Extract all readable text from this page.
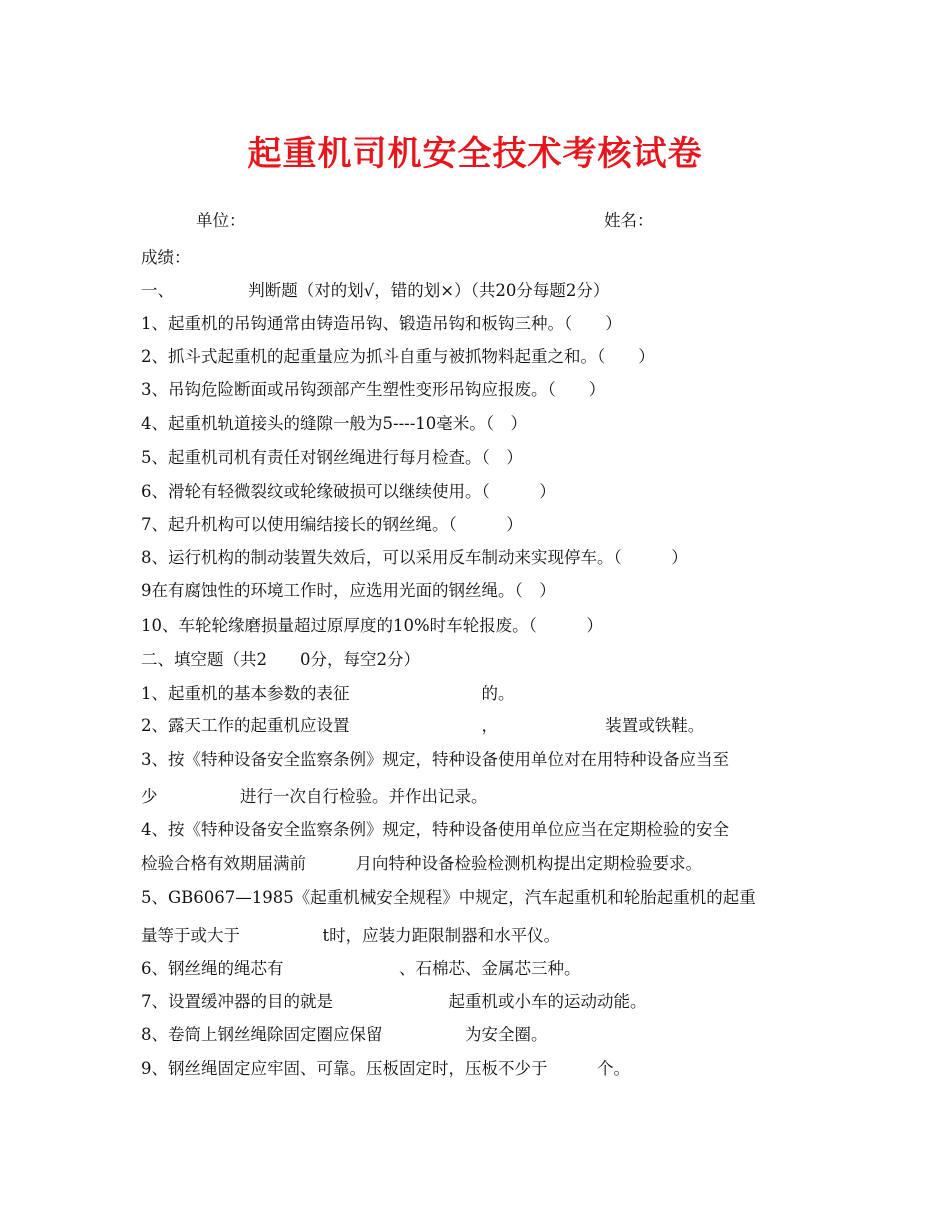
起重机司机安全技术考核试卷
单位：	姓名：
成绩：
一、　　　　　判断题（对的划√，错的划×）（共20分每题2分）
1、起重机的吊钩通常由铸造吊钩、锻造吊钩和板钩三种。（　　）
2、抓斗式起重机的起重量应为抓斗自重与被抓物料起重之和。（　　）
3、吊钩危险断面或吊钩颈部产生塑性变形吊钩应报废。（　　）
4、起重机轨道接头的缝隙一般为5----10毫米。（　）
5、起重机司机有责任对钢丝绳进行每月检查。（　）
6、滑轮有轻微裂纹或轮缘破损可以继续使用。（　　　）
7、起升机构可以使用编结接长的钢丝绳。（　　　）
8、运行机构的制动装置失效后，可以采用反车制动来实现停车。（　　　）
9在有腐蚀性的环境工作时，应选用光面的钢丝绳。（　）
10、车轮轮缘磨损量超过原厚度的10%时车轮报废。（　　　）
二、填空题（共2　　0分，每空2分）
1、起重机的基本参数的表征　　　　　　　　的。
2、露天工作的起重机应设置　　　　　　　　，　　　　　　　装置或铁鞋。
3、按《特种设备安全监察条例》规定，特种设备使用单位对在用特种设备应当至
少　　　　　进行一次自行检验。并作出记录。
4、按《特种设备安全监察条例》规定，特种设备使用单位应当在定期检验的安全
检验合格有效期届满前　　　月向特种设备检验检测机构提出定期检验要求。
5、GB6067—1985《起重机械安全规程》中规定，汽车起重机和轮胎起重机的起重
量等于或大于　　　　　t时，应装力距限制器和水平仪。
6、钢丝绳的绳芯有　　　　　　　、石棉芯、金属芯三种。
7、设置缓冲器的目的就是　　　　　　　起重机或小车的运动动能。
8、卷筒上钢丝绳除固定圈应保留　　　　　为安全圈。
9、钢丝绳固定应牢固、可靠。压板固定时，压板不少于　　　个。
